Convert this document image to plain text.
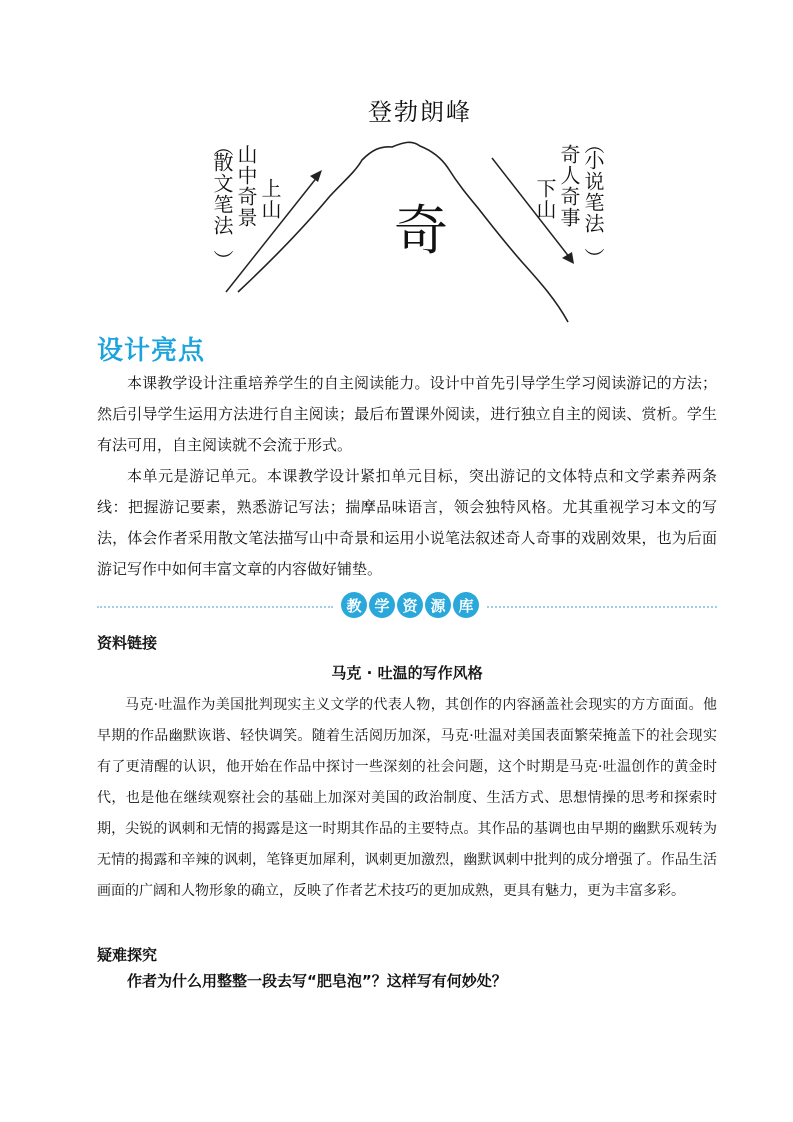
登勃朗峰
奇
（
散文笔法
）
山中奇景 上山	下山 奇人奇事 （
小说笔法
）
设计亮点
本课教学设计注重培养学生的自主阅读能力。设计中首先引导学生学习阅读游记的方法；然后引导学生运用方法进行自主阅读；最后布置课外阅读，进行独立自主的阅读、赏析。学生有法可用，自主阅读就不会流于形式。
本单元是游记单元。本课教学设计紧扣单元目标，突出游记的文体特点和文学素养两条线：把握游记要素，熟悉游记写法；揣摩品味语言，领会独特风格。尤其重视学习本文的写法，体会作者采用散文笔法描写山中奇景和运用小说笔法叙述奇人奇事的戏剧效果，也为后面游记写作中如何丰富文章的内容做好铺垫。
教 学 资 源 库
资料链接
马克 · 吐温的写作风格
马克·吐温作为美国批判现实主义文学的代表人物，其创作的内容涵盖社会现实的方方面面。他早期的作品幽默诙谐、轻快调笑。随着生活阅历加深，马克·吐温对美国表面繁荣掩盖下的社会现实有了更清醒的认识，他开始在作品中探讨一些深刻的社会问题，这个时期是马克·吐温创作的黄金时代，也是他在继续观察社会的基础上加深对美国的政治制度、生活方式、思想情操的思考和探索时期，尖锐的讽刺和无情的揭露是这一时期其作品的主要特点。其作品的基调也由早期的幽默乐观转为无情的揭露和辛辣的讽刺，笔锋更加犀利，讽刺更加激烈，幽默讽刺中批判的成分增强了。作品生活画面的广阔和人物形象的确立，反映了作者艺术技巧的更加成熟，更具有魅力，更为丰富多彩。
疑难探究
作者为什么用整整一段去写“肥皂泡”？这样写有何妙处？
